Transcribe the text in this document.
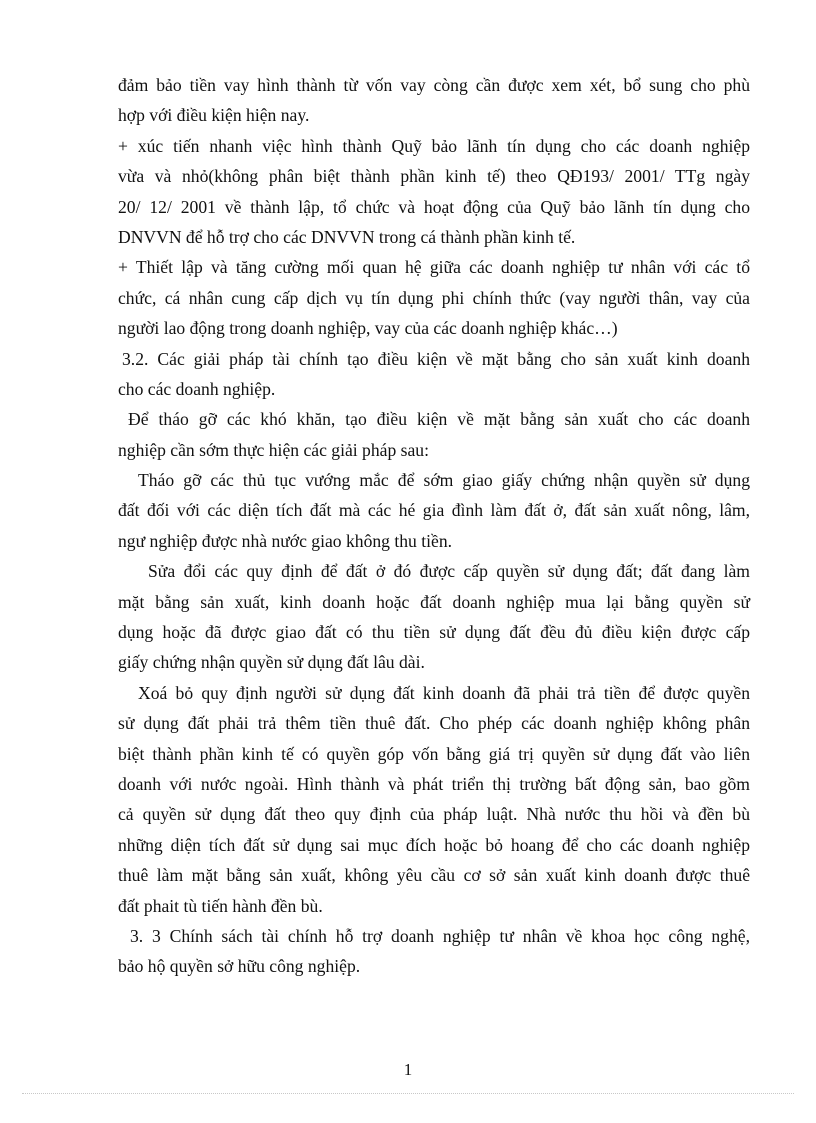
đảm bảo tiền vay hình thành từ vốn vay còng cần được xem xét, bổ sung cho phù
hợp với điều kiện hiện nay.
+ xúc tiến nhanh việc hình thành Quỹ bảo lãnh tín dụng cho các doanh nghiệp
vừa và nhỏ(không phân biệt thành phần kinh tế) theo QĐ193/ 2001/ TTg ngày
20/ 12/ 2001 về thành lập, tổ chức và hoạt động của Quỹ bảo lãnh tín dụng cho
DNVVN để hỗ trợ cho các DNVVN trong cá thành phần kinh tế.
+ Thiết lập và tăng cường mối quan hệ giữa các doanh nghiệp tư nhân với các tổ
chức, cá nhân cung cấp dịch vụ tín dụng phi chính thức (vay người thân, vay của
người lao động trong doanh nghiệp, vay của các doanh nghiệp khác…)
3.2. Các giải pháp tài chính tạo điều kiện về mặt bằng cho sản xuất kinh doanh
cho các doanh nghiệp.
Để tháo gỡ các khó khăn, tạo điều kiện về mặt bằng sản xuất cho các doanh
nghiệp cần sớm thực hiện các giải pháp sau:
Tháo gỡ các thủ tục vướng mắc để sớm giao giấy chứng nhận quyền sử dụng
đất đối với các diện tích đất mà các hé gia đình làm đất ở, đất sản xuất nông, lâm,
ngư nghiệp được nhà nước giao không thu tiền.
Sửa đổi các quy định để đất ở đó được cấp quyền sử dụng đất; đất đang làm
mặt bằng sản xuất, kinh doanh hoặc đất doanh nghiệp mua lại bằng quyền sử
dụng hoặc đã được giao đất có thu tiền sử dụng đất đều đủ điều kiện được cấp
giấy chứng nhận quyền sử dụng đất lâu dài.
Xoá bỏ quy định người sử dụng đất kinh doanh đã phải trả tiền để được quyền
sử dụng đất phải trả thêm tiền thuê đất. Cho phép các doanh nghiệp không phân
biệt thành phần kinh tế có quyền góp vốn bằng giá trị quyền sử dụng đất vào liên
doanh với nước ngoài. Hình thành và phát triển thị trường bất động sản, bao gồm
cả quyền sử dụng đất theo quy định của pháp luật. Nhà nước thu hồi và đền bù
những diện tích đất sử dụng sai mục đích hoặc bỏ hoang để cho các doanh nghiệp
thuê làm mặt bằng sản xuất, không yêu cầu cơ sở sản xuất kinh doanh được thuê
đất phait tù tiến hành đền bù.
3. 3 Chính sách tài chính hỗ trợ doanh nghiệp tư nhân về khoa học công nghệ,
bảo hộ quyền sở hữu công nghiệp.
1
